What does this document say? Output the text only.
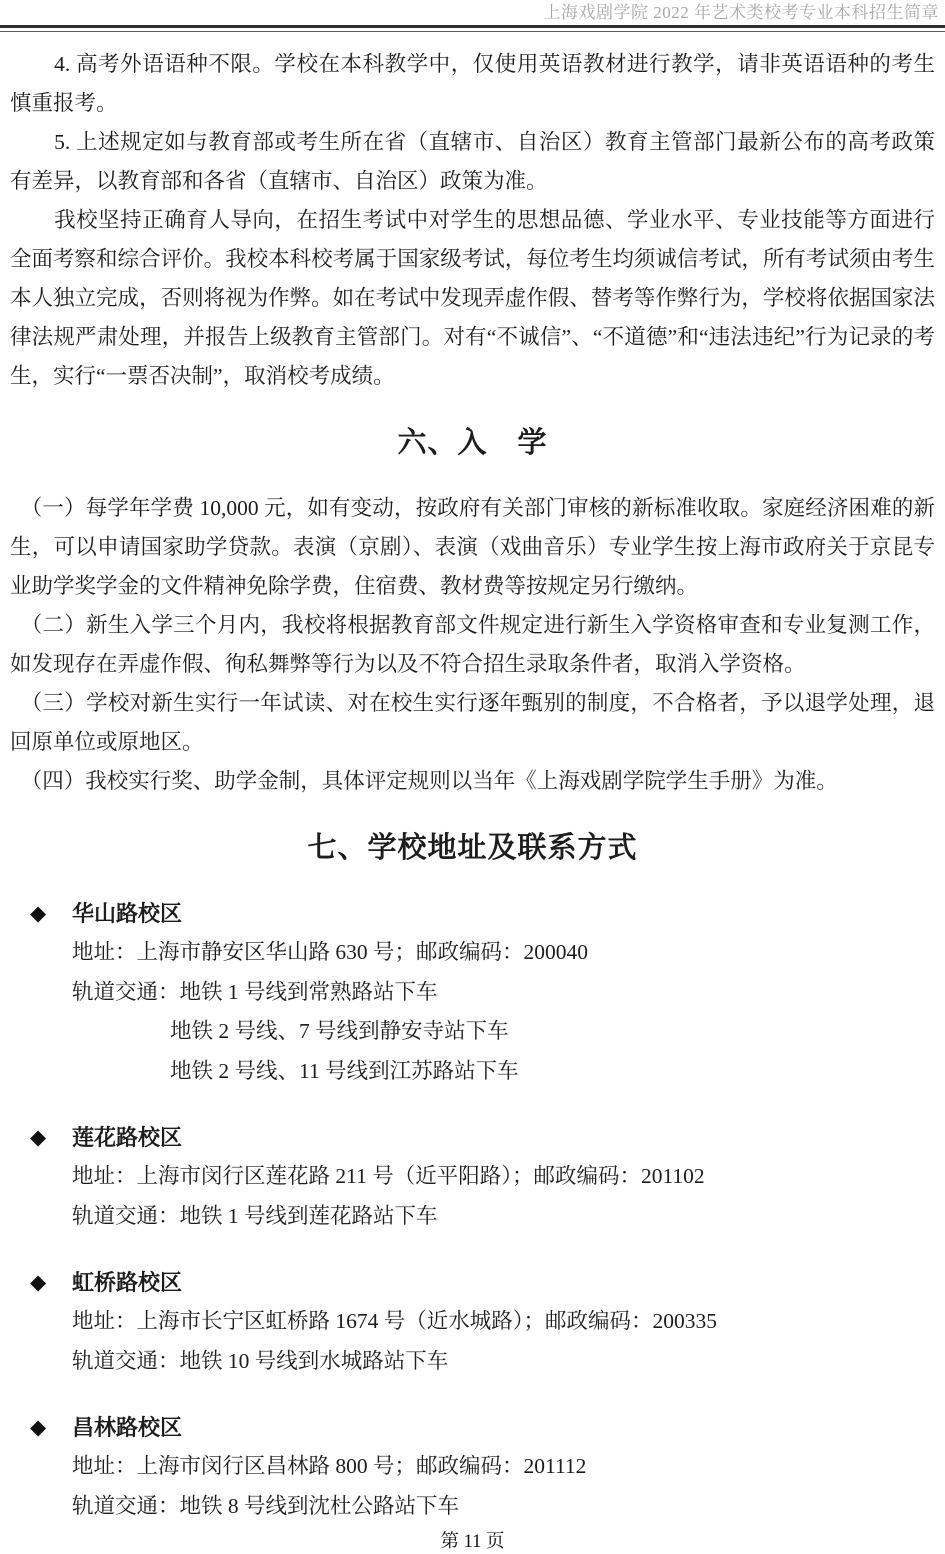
上海戏剧学院 2022 年艺术类校考专业本科招生简章

4. 高考外语语种不限。学校在本科教学中，仅使用英语教材进行教学，请非英语语种的考生慎重报考。

5. 上述规定如与教育部或考生所在省（直辖市、自治区）教育主管部门最新公布的高考政策有差异，以教育部和各省（直辖市、自治区）政策为准。

我校坚持正确育人导向，在招生考试中对学生的思想品德、学业水平、专业技能等方面进行全面考察和综合评价。我校本科校考属于国家级考试，每位考生均须诚信考试，所有考试须由考生本人独立完成，否则将视为作弊。如在考试中发现弄虚作假、替考等作弊行为，学校将依据国家法律法规严肃处理，并报告上级教育主管部门。对有“不诚信”、“不道德”和“违法违纪”行为记录的考生，实行“一票否决制”，取消校考成绩。

六、入　学

（一）每学年学费 10,000 元，如有变动，按政府有关部门审核的新标准收取。家庭经济困难的新生，可以申请国家助学贷款。表演（京剧）、表演（戏曲音乐）专业学生按上海市政府关于京昆专业助学奖学金的文件精神免除学费，住宿费、教材费等按规定另行缴纳。

（二）新生入学三个月内，我校将根据教育部文件规定进行新生入学资格审查和专业复测工作，如发现存在弄虚作假、徇私舞弊等行为以及不符合招生录取条件者，取消入学资格。

（三）学校对新生实行一年试读、对在校生实行逐年甄别的制度，不合格者，予以退学处理，退回原单位或原地区。

（四）我校实行奖、助学金制，具体评定规则以当年《上海戏剧学院学生手册》为准。

七、学校地址及联系方式
◆	华山路校区

地址：上海市静安区华山路 630 号；邮政编码：200040

轨道交通：地铁 1 号线到常熟路站下车

地铁 2 号线、7 号线到静安寺站下车

地铁 2 号线、11 号线到江苏路站下车

◆	莲花路校区

地址：上海市闵行区莲花路 211 号（近平阳路）；邮政编码：201102

轨道交通：地铁 1 号线到莲花路站下车

◆	虹桥路校区

地址：上海市长宁区虹桥路 1674 号（近水城路）；邮政编码：200335

轨道交通：地铁 10 号线到水城路站下车

◆	昌林路校区

地址：上海市闵行区昌林路 800 号；邮政编码：201112

轨道交通：地铁 8 号线到沈杜公路站下车

第 11 页
